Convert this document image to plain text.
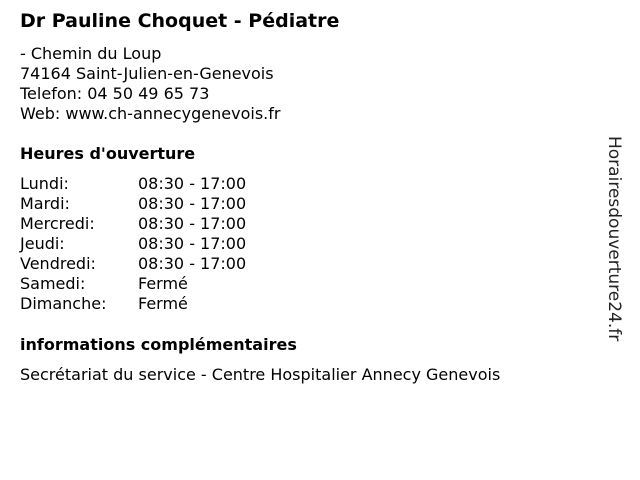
Dr Pauline Choquet - Pédiatre
- Chemin du Loup
74164 Saint-Julien-en-Genevois
Telefon: 04 50 49 65 73
Web: www.ch-annecygenevois.fr
Heures d'ouverture
Lundi:	08:30 - 17:00
Mardi:	08:30 - 17:00
Mercredi:	08:30 - 17:00
Jeudi:	08:30 - 17:00
Vendredi:	08:30 - 17:00
Samedi:	Fermé
Dimanche:	Fermé
informations complémentaires
Secrétariat du service - Centre Hospitalier Annecy Genevois
Horairesdouverture24.fr
